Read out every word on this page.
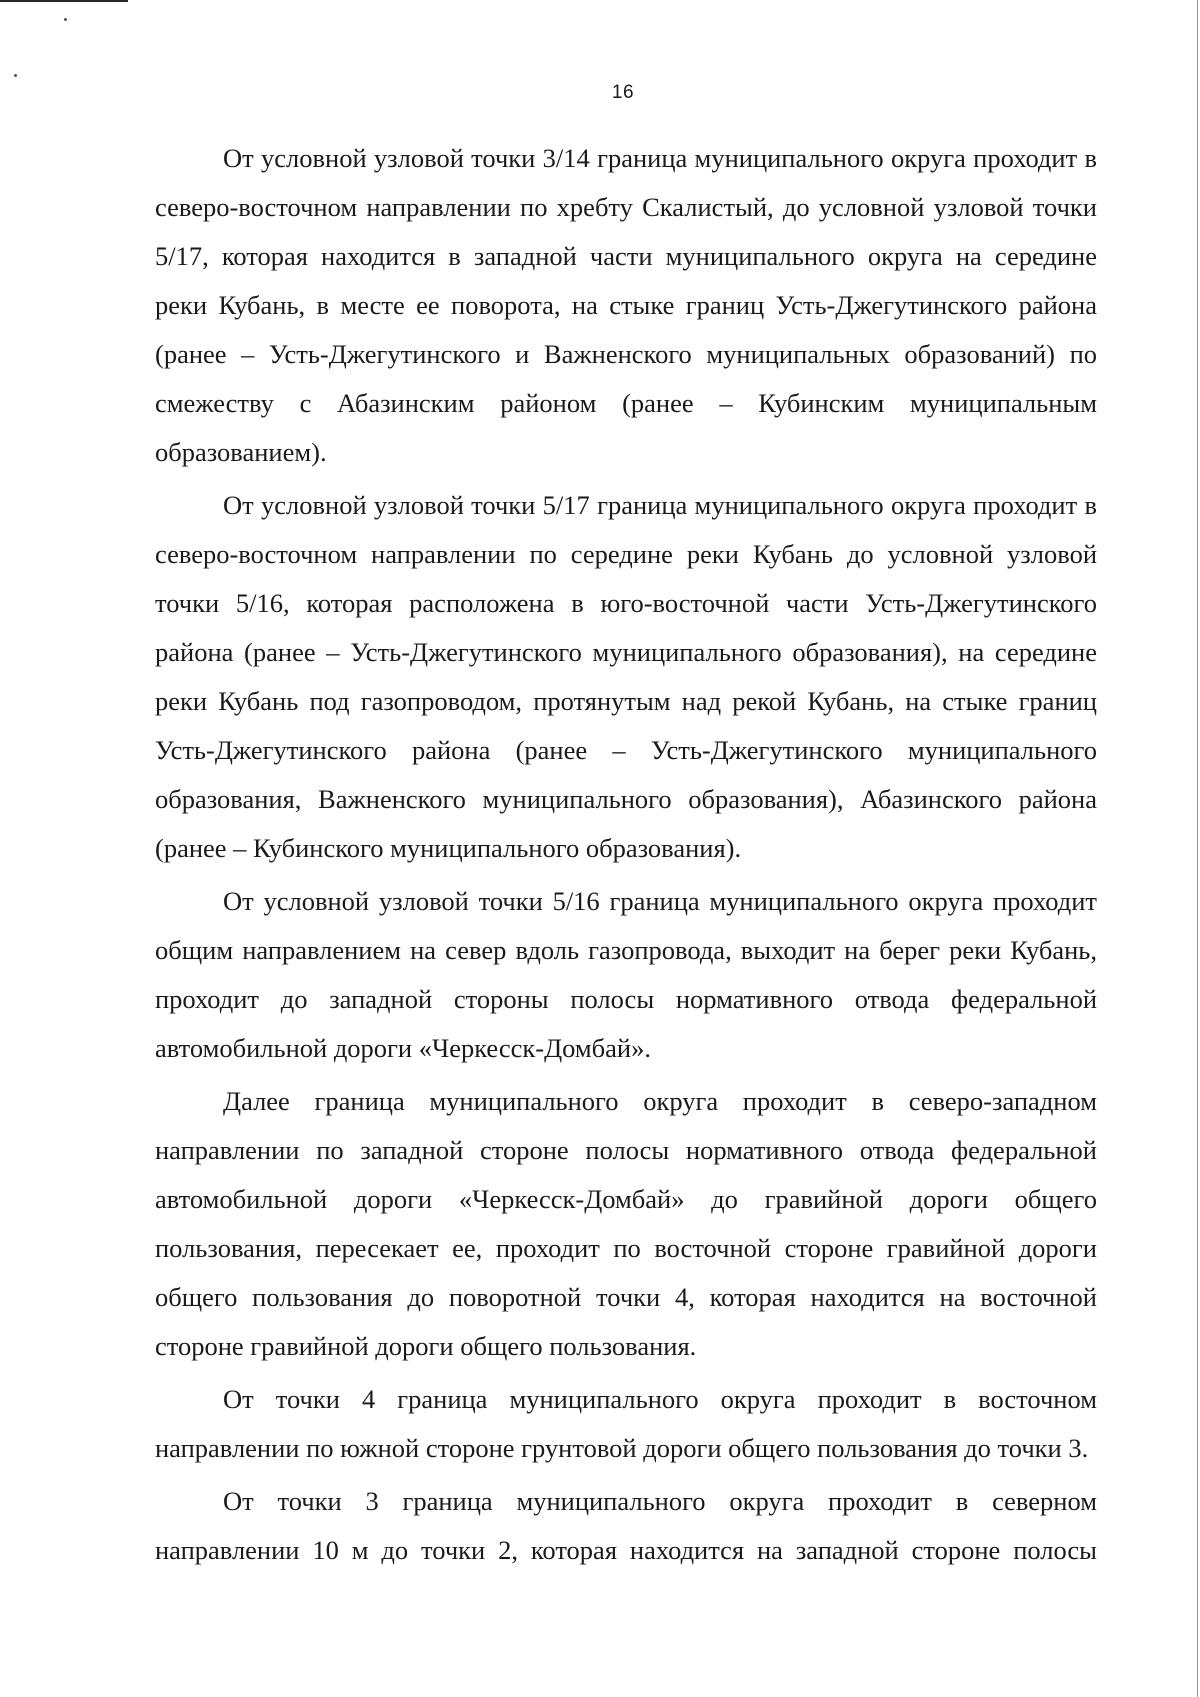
16

От условной узловой точки 3/14 граница муниципального округа проходит в северо-восточном направлении по хребту Скалистый, до условной узловой точки 5/17, которая находится в западной части муниципального округа на середине реки Кубань, в месте ее поворота, на стыке границ Усть-Джегутинского района (ранее – Усть-Джегутинского и Важненского муниципальных образований) по смежеству с Абазинским районом (ранее – Кубинским муниципальным образованием).

От условной узловой точки 5/17 граница муниципального округа проходит в северо-восточном направлении по середине реки Кубань до условной узловой точки 5/16, которая расположена в юго-восточной части Усть-Джегутинского района (ранее – Усть-Джегутинского муниципального образования), на середине реки Кубань под газопроводом, протянутым над рекой Кубань, на стыке границ Усть-Джегутинского района (ранее – Усть-Джегутинского муниципального образования, Важненского муниципального образования), Абазинского района (ранее – Кубинского муниципального образования).

От условной узловой точки 5/16 граница муниципального округа проходит общим направлением на север вдоль газопровода, выходит на берег реки Кубань, проходит до западной стороны полосы нормативного отвода федеральной автомобильной дороги «Черкесск-Домбай».

Далее граница муниципального округа проходит в северо-западном направлении по западной стороне полосы нормативного отвода федеральной автомобильной дороги «Черкесск-Домбай» до гравийной дороги общего пользования, пересекает ее, проходит по восточной стороне гравийной дороги общего пользования до поворотной точки 4, которая находится на восточной стороне гравийной дороги общего пользования.

От точки 4 граница муниципального округа проходит в восточном направлении по южной стороне грунтовой дороги общего пользования до точки 3.

От точки 3 граница муниципального округа проходит в северном направлении 10 м до точки 2, которая находится на западной стороне полосы
